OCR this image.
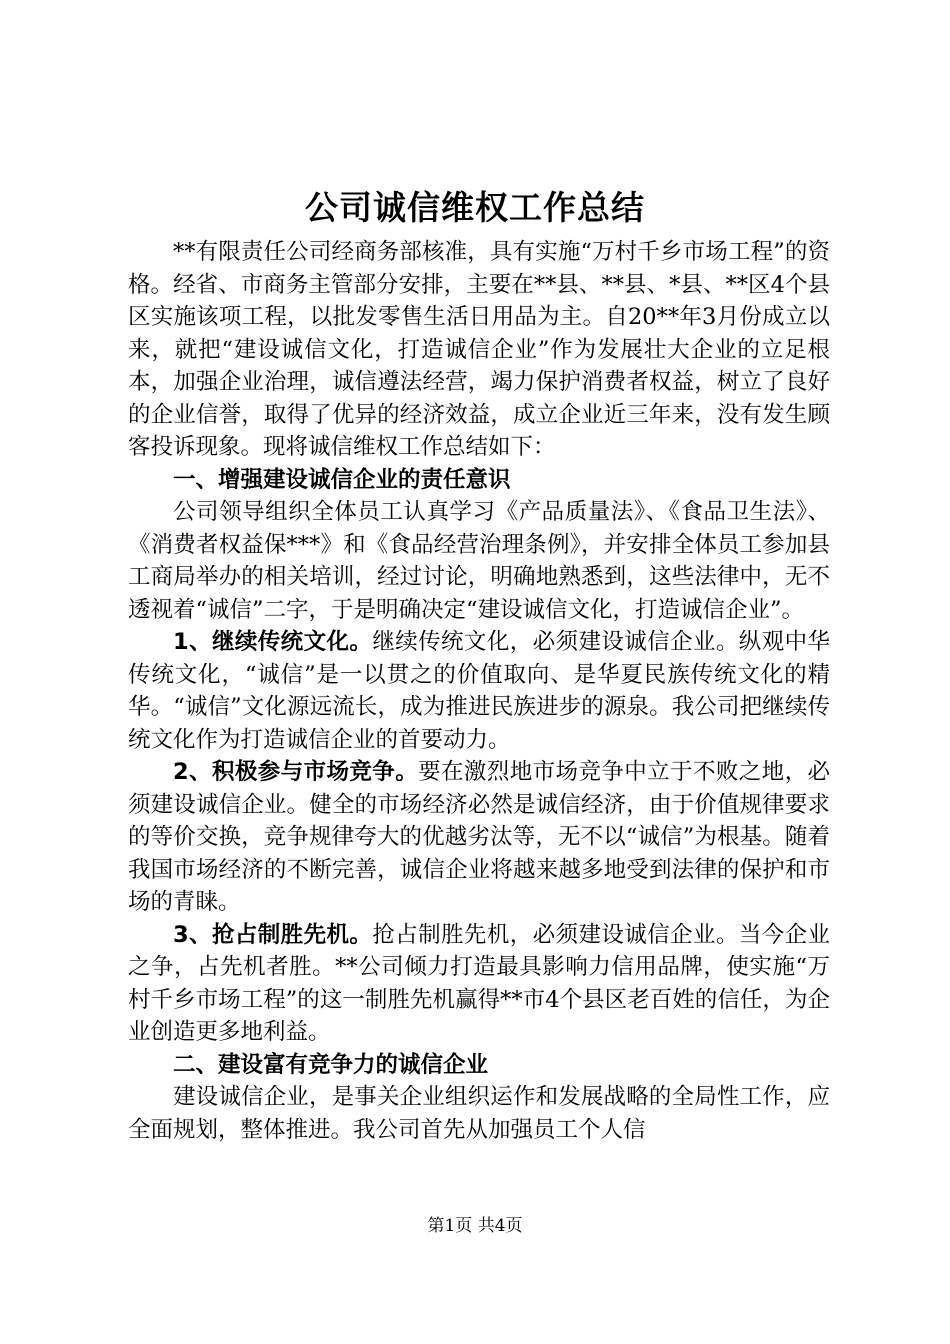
公司诚信维权工作总结

**有限责任公司经商务部核准，具有实施“万村千乡市场工程”的资格。经省、市商务主管部分安排，主要在**县、**县、*县、**区4个县区实施该项工程，以批发零售生活日用品为主。自20**年3月份成立以来，就把“建设诚信文化，打造诚信企业”作为发展壮大企业的立足根本，加强企业治理，诚信遵法经营，竭力保护消费者权益，树立了良好的企业信誉，取得了优异的经济效益，成立企业近三年来，没有发生顾客投诉现象。现将诚信维权工作总结如下：

一、增强建设诚信企业的责任意识

公司领导组织全体员工认真学习《产品质量法》、《食品卫生法》、《消费者权益保***》和《食品经营治理条例》，并安排全体员工参加县工商局举办的相关培训，经过讨论，明确地熟悉到，这些法律中，无不透视着“诚信”二字，于是明确决定“建设诚信文化，打造诚信企业”。

1、继续传统文化。继续传统文化，必须建设诚信企业。纵观中华传统文化，“诚信”是一以贯之的价值取向、是华夏民族传统文化的精华。“诚信”文化源远流长，成为推进民族进步的源泉。我公司把继续传统文化作为打造诚信企业的首要动力。

2、积极参与市场竞争。要在激烈地市场竞争中立于不败之地，必须建设诚信企业。健全的市场经济必然是诚信经济，由于价值规律要求的等价交换，竞争规律夸大的优越劣汰等，无不以“诚信”为根基。随着我国市场经济的不断完善，诚信企业将越来越多地受到法律的保护和市场的青睐。

3、抢占制胜先机。抢占制胜先机，必须建设诚信企业。当今企业之争，占先机者胜。**公司倾力打造最具影响力信用品牌，使实施“万村千乡市场工程”的这一制胜先机赢得**市4个县区老百姓的信任，为企业创造更多地利益。

二、建设富有竞争力的诚信企业

建设诚信企业，是事关企业组织运作和发展战略的全局性工作，应全面规划，整体推进。我公司首先从加强员工个人信

第1页 共4页
